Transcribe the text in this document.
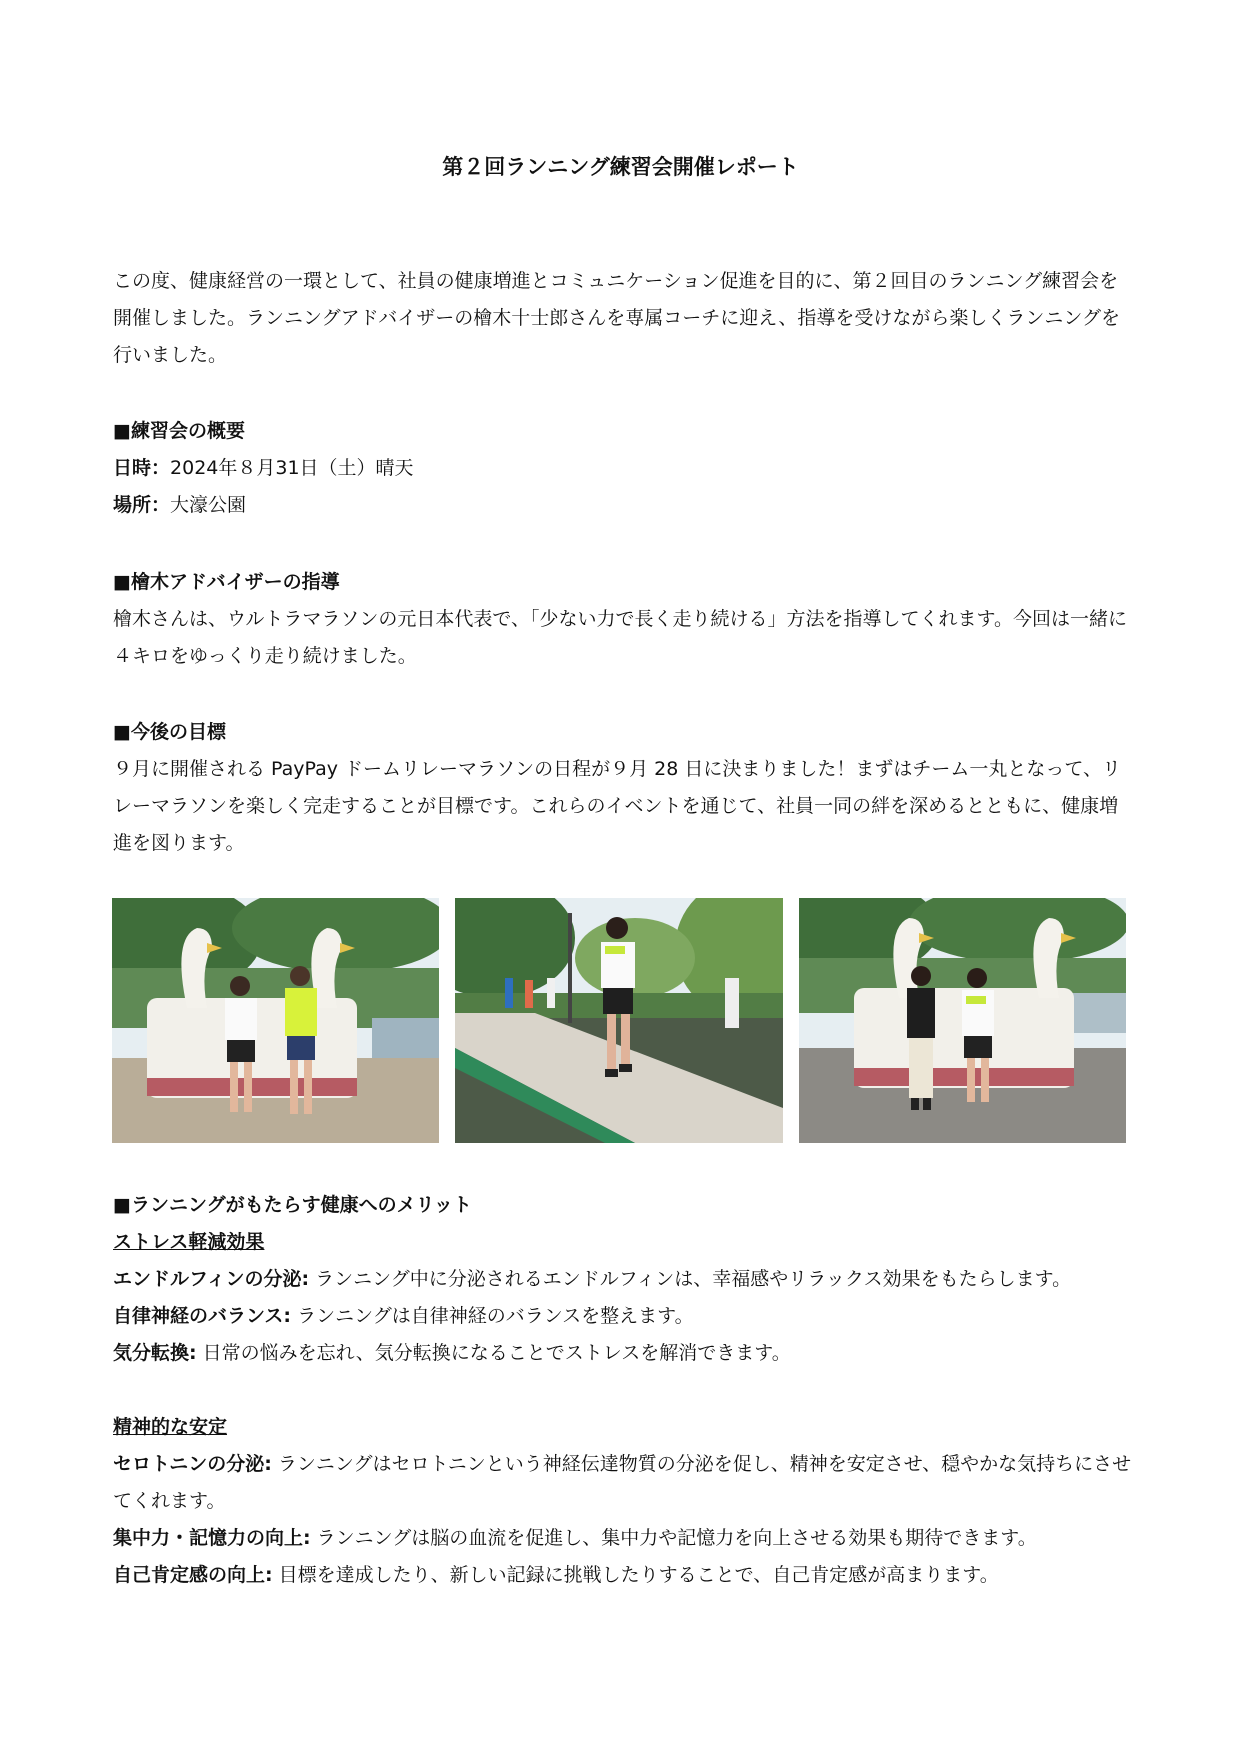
第２回ランニング練習会開催レポート
この度、健康経営の一環として、社員の健康増進とコミュニケーション促進を目的に、第２回目のランニング練習会を開催しました。ランニングアドバイザーの檜木十士郎さんを専属コーチに迎え、指導を受けながら楽しくランニングを行いました。

■練習会の概要

日時：2024年８月31日（土）晴天

場所：大濠公園

■檜木アドバイザーの指導

檜木さんは、ウルトラマラソンの元日本代表で、「少ない力で長く走り続ける」方法を指導してくれます。今回は一緒に４キロをゆっくり走り続けました。

■今後の目標

９月に開催される PayPay ドームリレーマラソンの日程が９月 28 日に決まりました！まずはチーム一丸となって、リレーマラソンを楽しく完走することが目標です。これらのイベントを通じて、社員一同の絆を深めるとともに、健康増進を図ります。

■ランニングがもたらす健康へのメリット

ストレス軽減効果

エンドルフィンの分泌: ランニング中に分泌されるエンドルフィンは、幸福感やリラックス効果をもたらします。

自律神経のバランス: ランニングは自律神経のバランスを整えます。

気分転換: 日常の悩みを忘れ、気分転換になることでストレスを解消できます。

精神的な安定

セロトニンの分泌: ランニングはセロトニンという神経伝達物質の分泌を促し、精神を安定させ、穏やかな気持ちにさせてくれます。

集中力・記憶力の向上: ランニングは脳の血流を促進し、集中力や記憶力を向上させる効果も期待できます。

自己肯定感の向上: 目標を達成したり、新しい記録に挑戦したりすることで、自己肯定感が高まります。
